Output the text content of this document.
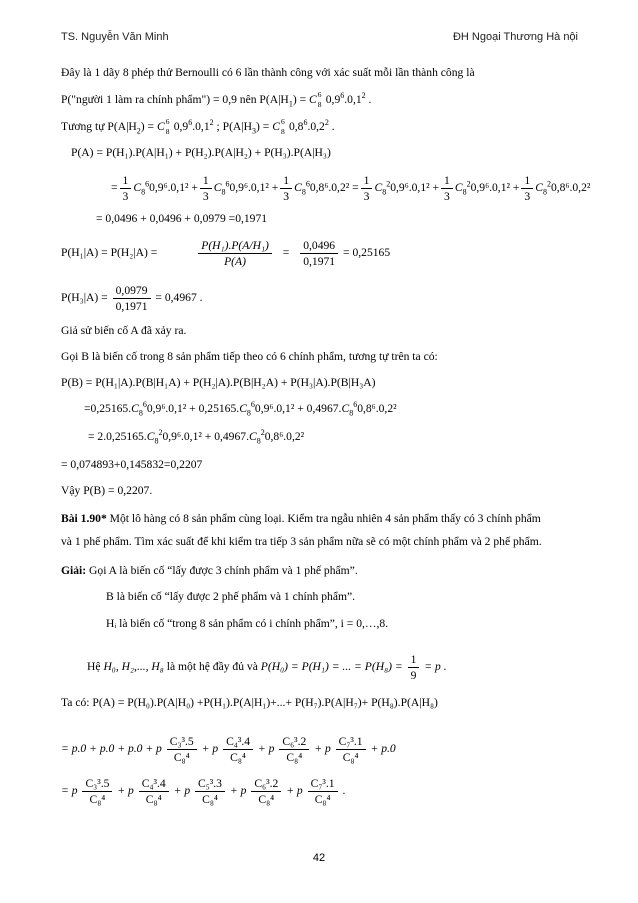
TS. Nguyễn Văn Minh	ĐH Ngoại Thương Hà nội
Đây là 1 dãy 8 phép thử Bernoulli có 6 lần thành công với xác suất mỗi lần thành công là
P("người 1 làm ra chính phẩm") = 0,9 nên $P(A|H_1) = C$ 6
8 $0,9^6.0,1^2$ .
Tương tự $P(A|H_2) = C$ 6
8 $0,9^6.0,1^2$ ; $P(A|H_3) = C$ 6
8 $0,8^6.0,2^2$ .
P(A) = P(H₁).P(A|H₁) + P(H₂).P(A|H₂) + P(H₃).P(A|H₃)
= $\frac{1}{3} C_8^60,9^6.0,1^2 + \frac{1}{3} C_8^60,9^6.0,1^2 + \frac{1}{3} C_8^60,8^6.0,2^2 = \frac{1}{3} C_8^20,9^6.0,1^2 + \frac{1}{3} C_8^20,9^6.0,1^2 + \frac{1}{3} C_8^20,8^6.0,2^2$
= 0,0496 + 0,0496 + 0,0979 =0,1971
P(H₁|A) = P(H₂|A) =	$\frac{\text{P(H₁).P(A/H₁)}}{P(A)} = \frac{0,0496}{0,1971} = 0,25165$
$P(H_3|A) = \frac{0,0979}{0,1971} = 0,4967$ .
Giả sử biến cố A đã xảy ra.
Gọi B là biến cố trong 8 sản phẩm tiếp theo có 6 chính phẩm, tương tự trên ta có:
P(B) = P(H₁|A).P(B|H₁A) + P(H₂|A).P(B|H₂A) + P(H₃|A).P(B|H₃A)
$=0,25165.C_8^60,9^6.0,1^2 + 0,25165.C_8^60,9^6.0,1^2 + 0,4967.C_8^60,8^6.0,2^2$
= $2.0,25165.C_8^20,9^6.0,1^2 + 0,4967.C_8^20,8^6.0,2^2$
= 0,074893+0,145832=0,2207
Vậy P(B) = 0,2207.
Bài 1.90* Một lô hàng có 8 sản phẩm cùng loại. Kiểm tra ngẫu nhiên 4 sản phẩm thấy có 3 chính phẩm
và 1 phế phẩm. Tìm xác suất để khi kiểm tra tiếp 3 sản phẩm nữa sẽ có một chính phẩm và 2 phế phẩm.
Giải: Gọi A là biến cố “lấy được 3 chính phẩm và 1 phế phẩm”.
B là biến cố “lấy được 2 phế phẩm và 1 chính phẩm”.
Hᵢ là biến cố “trong 8 sản phẩm có i chính phẩm”, i = 0,…,8.
Hệ H₀, H₂,..., H₈ là một hệ đầy đủ và P(H₀) = P(H₁) = ... = $P(H_8) = \frac{1}{9} = p$ .
Ta có: P(A) = P(H₀).P(A|H₀) +P(H₁).P(A|H₁)+...+ P(H₇).P(A|H₇)+ P(H₈).P(A|H₈)
= p.0 + p.0 + p.0 + p $\frac{\text{C₃³.5}}{\text{C₈⁴}} + p \frac{\text{C₄³.4}}{\text{C₈⁴}} + p \frac{\text{C₆³.2}}{\text{C₈⁴}} + p \frac{\text{C₇³.1}}{\text{C₈⁴}} + p.0$
= p $\frac{\text{C₃³.5}}{\text{C₈⁴}} + p \frac{\text{C₄³.4}}{\text{C₈⁴}} + p \frac{\text{C₅³.3}}{\text{C₈⁴}} + p \frac{\text{C₆³.2}}{\text{C₈⁴}} + p \frac{\text{C₇³.1}}{\text{C₈⁴}}$ .
42
